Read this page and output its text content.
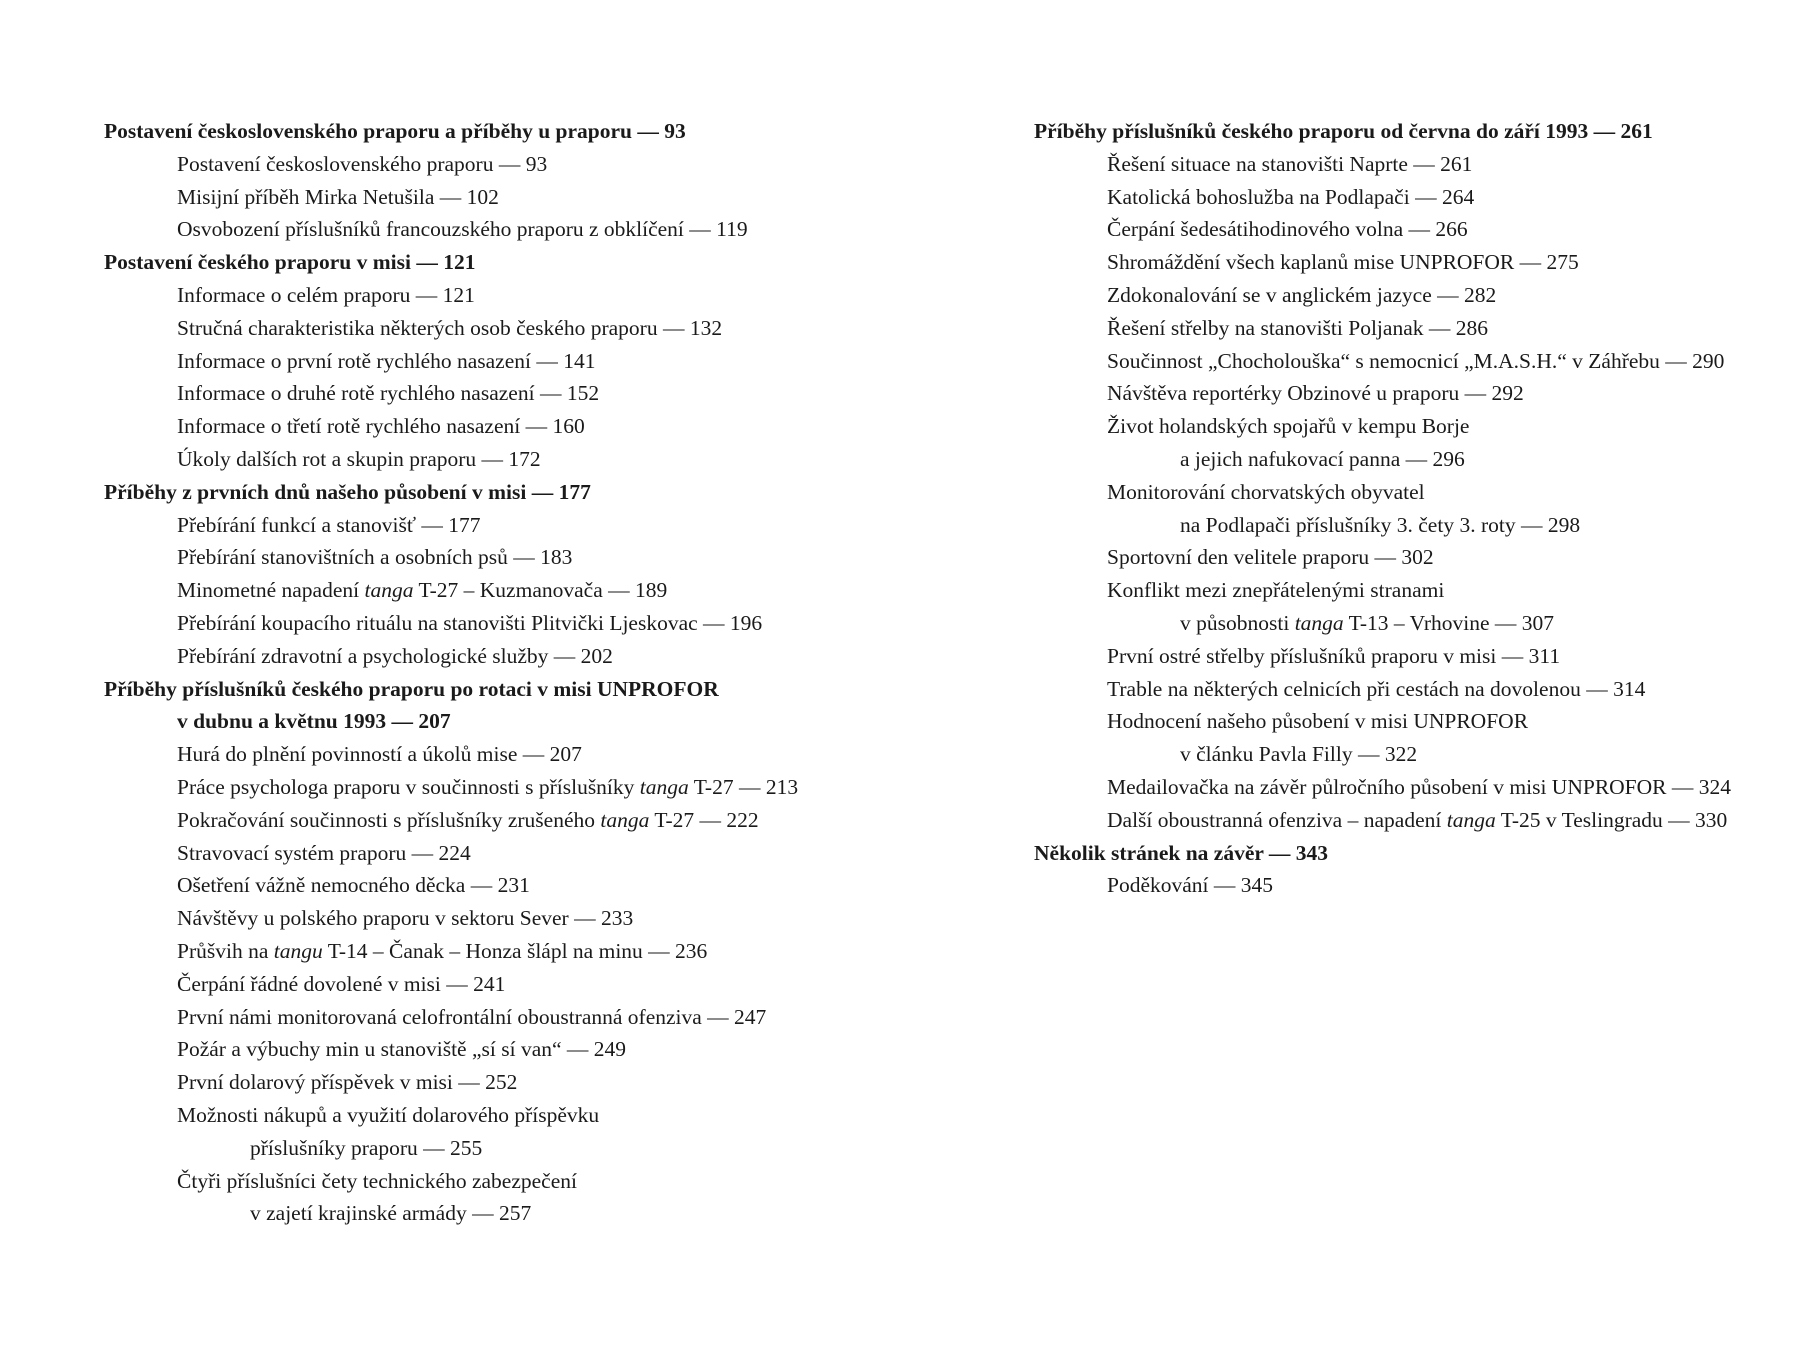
Postavení československého praporu a příběhy u praporu — 93
Postavení československého praporu — 93
Misijní příběh Mirka Netušila — 102
Osvobození příslušníků francouzského praporu z obklíčení — 119
Postavení českého praporu v misi — 121
Informace o celém praporu — 121
Stručná charakteristika některých osob českého praporu — 132
Informace o první rotě rychlého nasazení — 141
Informace o druhé rotě rychlého nasazení — 152
Informace o třetí rotě rychlého nasazení — 160
Úkoly dalších rot a skupin praporu — 172
Příběhy z prvních dnů našeho působení v misi — 177
Přebírání funkcí a stanovišť — 177
Přebírání stanovištních a osobních psů — 183
Minometné napadení tanga T-27 – Kuzmanovača — 189
Přebírání koupacího rituálu na stanovišti Plitvički Ljeskovac — 196
Přebírání zdravotní a psychologické služby — 202
Příběhy příslušníků českého praporu po rotaci v misi UNPROFOR
v dubnu a květnu 1993 — 207
Hurá do plnění povinností a úkolů mise — 207
Práce psychologa praporu v součinnosti s příslušníky tanga T-27 — 213
Pokračování součinnosti s příslušníky zrušeného tanga T-27 — 222
Stravovací systém praporu — 224
Ošetření vážně nemocného děcka — 231
Návštěvy u polského praporu v sektoru Sever — 233
Průšvih na tangu T-14 – Čanak – Honza šlápl na minu — 236
Čerpání řádné dovolené v misi — 241
První námi monitorovaná celofrontální oboustranná ofenziva — 247
Požár a výbuchy min u stanoviště „sí sí van“ — 249
První dolarový příspěvek v misi — 252
Možnosti nákupů a využití dolarového příspěvku
příslušníky praporu — 255
Čtyři příslušníci čety technického zabezpečení
v zajetí krajinské armády — 257
Příběhy příslušníků českého praporu od června do září 1993 — 261
Řešení situace na stanovišti Naprte — 261
Katolická bohoslužba na Podlapači — 264
Čerpání šedesátihodinového volna — 266
Shromáždění všech kaplanů mise UNPROFOR — 275
Zdokonalování se v anglickém jazyce — 282
Řešení střelby na stanovišti Poljanak — 286
Součinnost „Chocholouška“ s nemocnicí „M.A.S.H.“ v Záhřebu — 290
Návštěva reportérky Obzinové u praporu — 292
Život holandských spojařů v kempu Borje
a jejich nafukovací panna — 296
Monitorování chorvatských obyvatel
na Podlapači příslušníky 3. čety 3. roty — 298
Sportovní den velitele praporu — 302
Konflikt mezi znepřátelenými stranami
v působnosti tanga T-13 – Vrhovine — 307
První ostré střelby příslušníků praporu v misi — 311
Trable na některých celnicích při cestách na dovolenou — 314
Hodnocení našeho působení v misi UNPROFOR
v článku Pavla Filly — 322
Medailovačka na závěr půlročního působení v misi UNPROFOR — 324
Další oboustranná ofenziva – napadení tanga T-25 v Teslingradu — 330
Několik stránek na závěr — 343
Poděkování — 345
